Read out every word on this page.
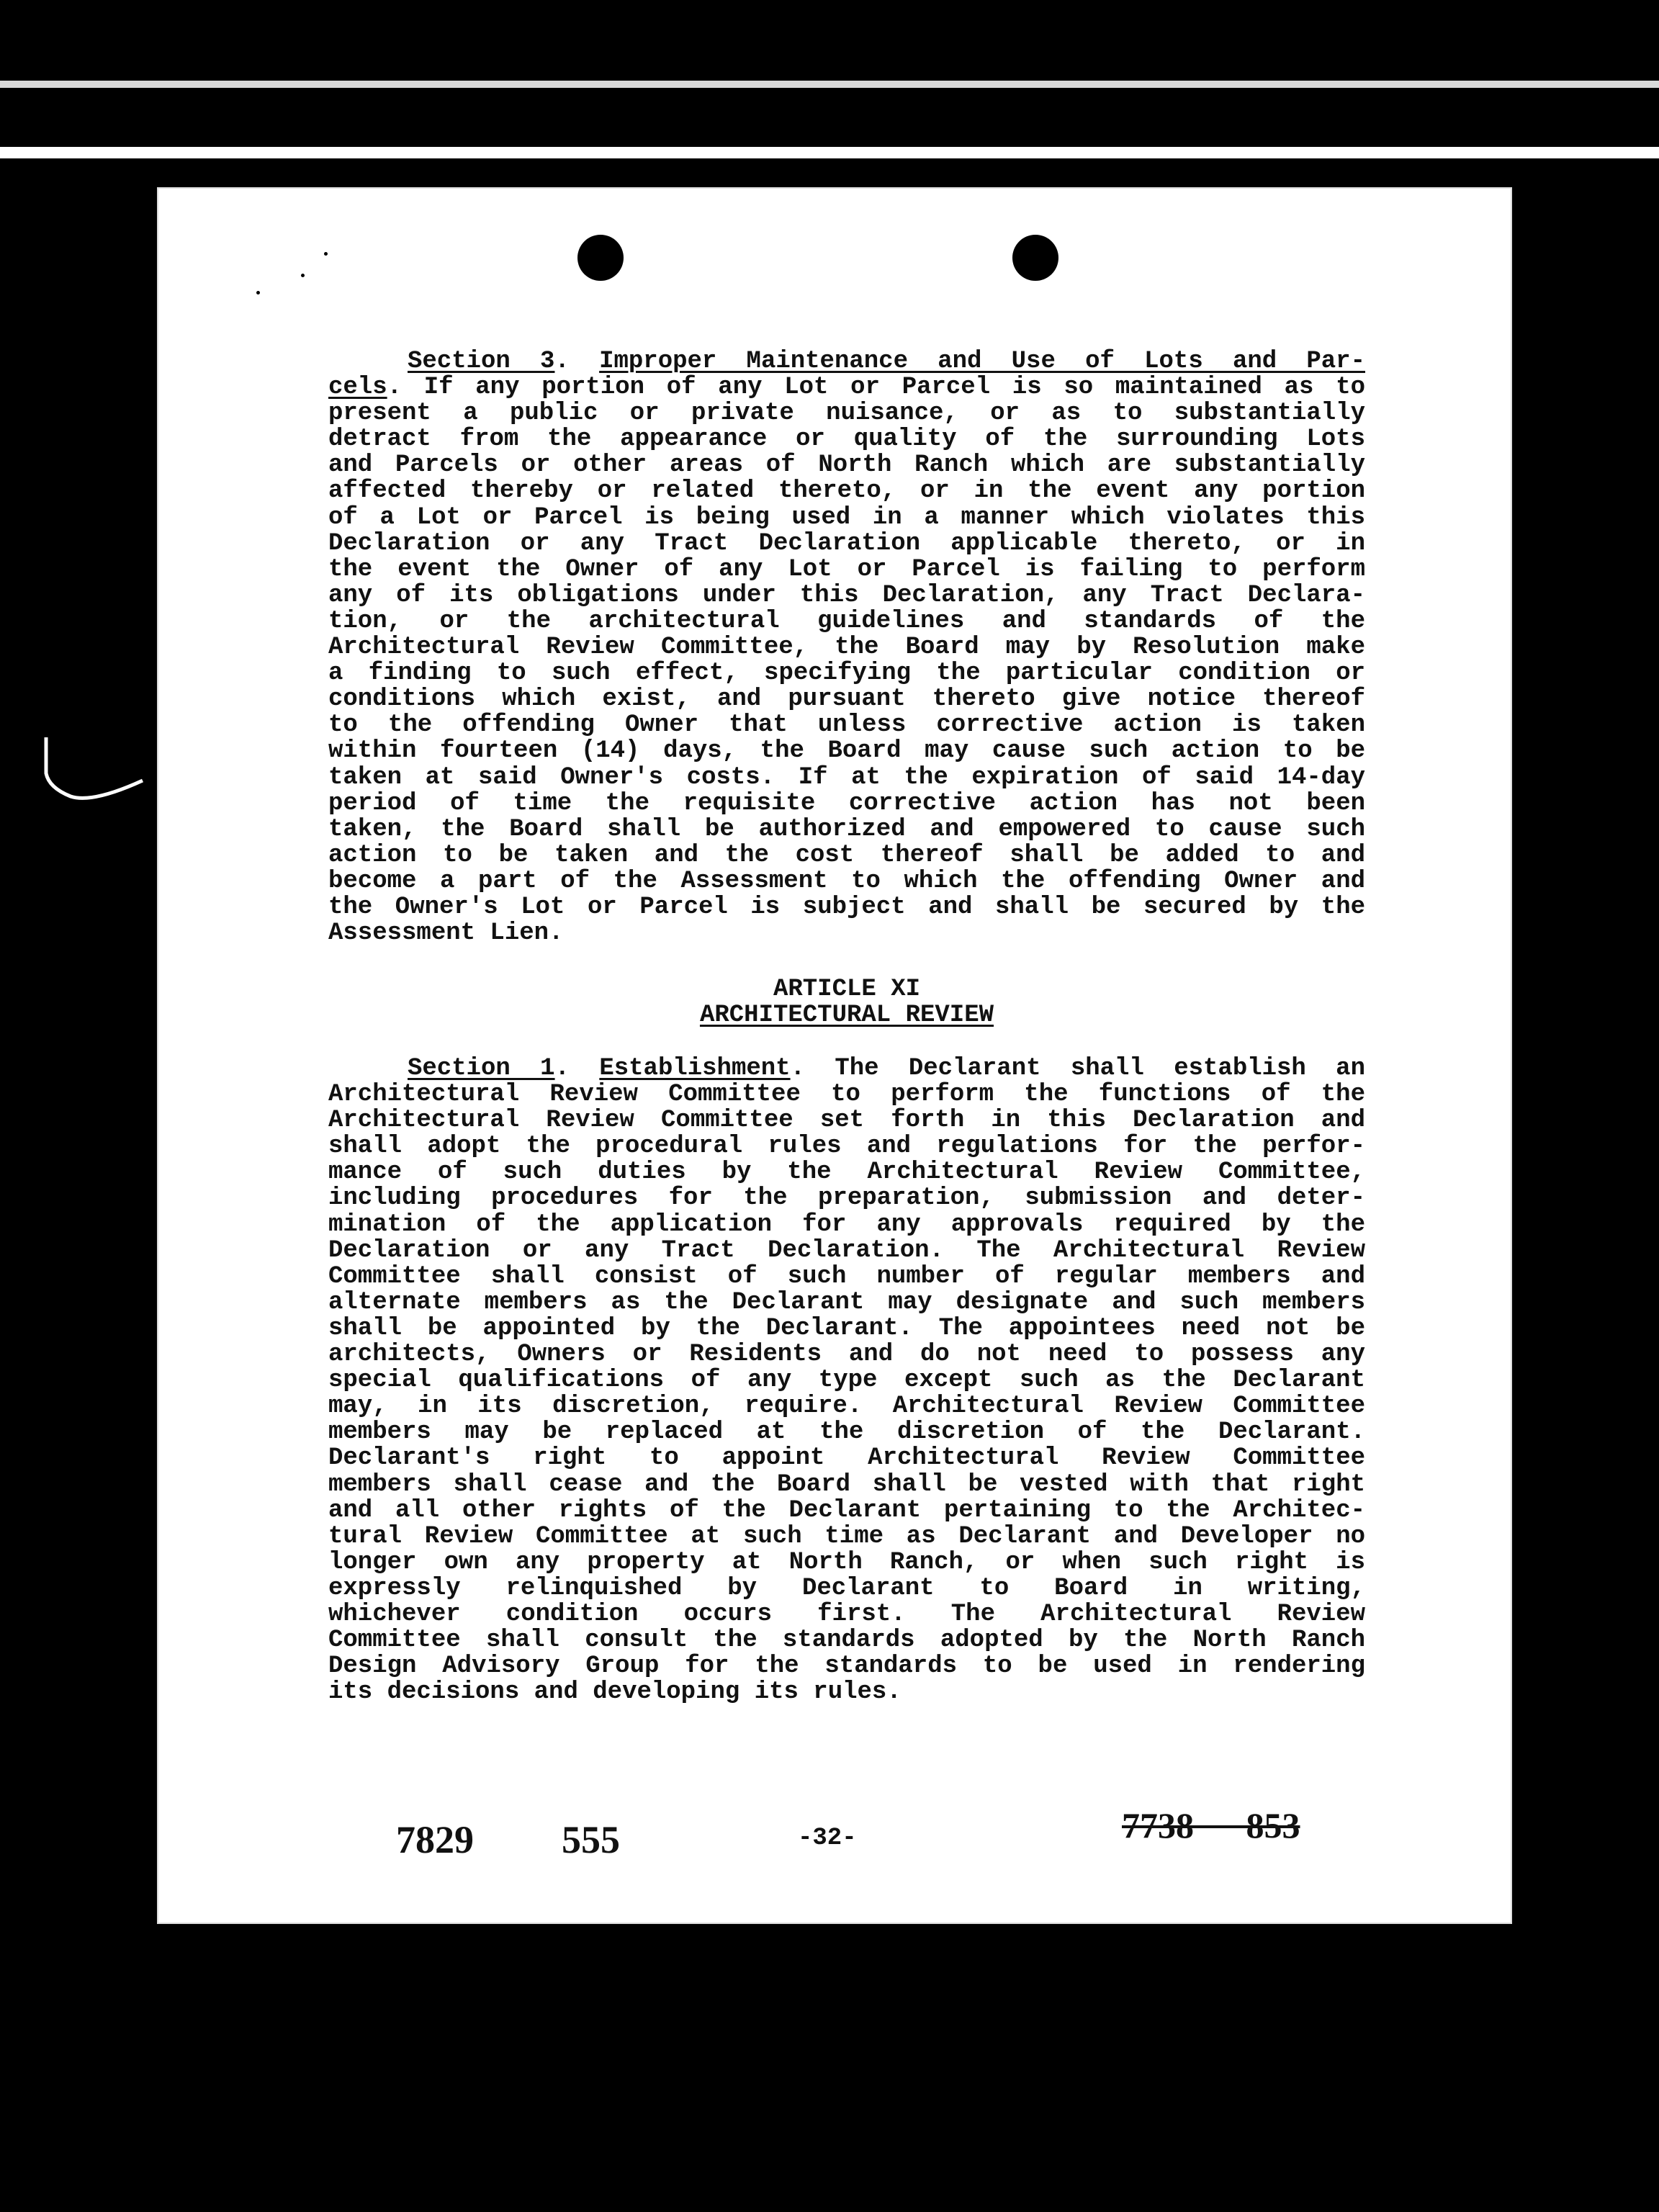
Section 3. Improper Maintenance and Use of Lots and Par-
cels. If any portion of any Lot or Parcel is so maintained as to
present a public or private nuisance, or as to substantially
detract from the appearance or quality of the surrounding Lots
and Parcels or other areas of North Ranch which are substantially
affected thereby or related thereto, or in the event any portion
of a Lot or Parcel is being used in a manner which violates this
Declaration or any Tract Declaration applicable thereto, or in
the event the Owner of any Lot or Parcel is failing to perform
any of its obligations under this Declaration, any Tract Declara-
tion, or the architectural guidelines and standards of the
Architectural Review Committee, the Board may by Resolution make
a finding to such effect, specifying the particular condition or
conditions which exist, and pursuant thereto give notice thereof
to the offending Owner that unless corrective action is taken
within fourteen (14) days, the Board may cause such action to be
taken at said Owner's costs. If at the expiration of said 14-day
period of time the requisite corrective action has not been
taken, the Board shall be authorized and empowered to cause such
action to be taken and the cost thereof shall be added to and
become a part of the Assessment to which the offending Owner and
the Owner's Lot or Parcel is subject and shall be secured by the
Assessment Lien.
ARTICLE XI
ARCHITECTURAL REVIEW
Section 1. Establishment. The Declarant shall establish an
Architectural Review Committee to perform the functions of the
Architectural Review Committee set forth in this Declaration and
shall adopt the procedural rules and regulations for the perfor-
mance of such duties by the Architectural Review Committee,
including procedures for the preparation, submission and deter-
mination of the application for any approvals required by the
Declaration or any Tract Declaration. The Architectural Review
Committee shall consist of such number of regular members and
alternate members as the Declarant may designate and such members
shall be appointed by the Declarant. The appointees need not be
architects, Owners or Residents and do not need to possess any
special qualifications of any type except such as the Declarant
may, in its discretion, require. Architectural Review Committee
members may be replaced at the discretion of the Declarant.
Declarant's right to appoint Architectural Review Committee
members shall cease and the Board shall be vested with that right
and all other rights of the Declarant pertaining to the Architec-
tural Review Committee at such time as Declarant and Developer no
longer own any property at North Ranch, or when such right is
expressly relinquished by Declarant to Board in writing,
whichever condition occurs first. The Architectural Review
Committee shall consult the standards adopted by the North Ranch
Design Advisory Group for the standards to be used in rendering
its decisions and developing its rules.
7829 555	-32-	7738 853
